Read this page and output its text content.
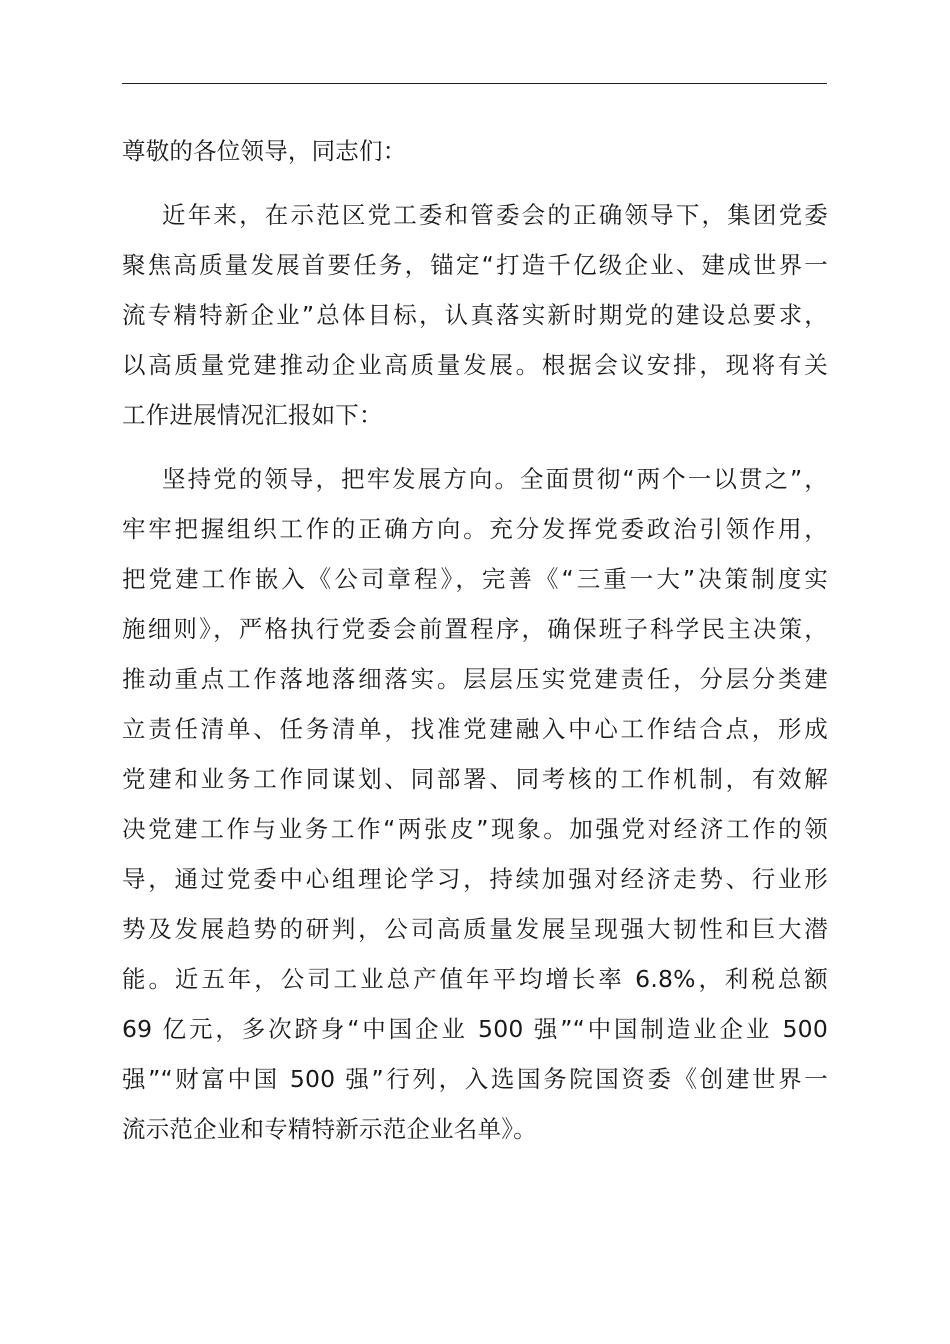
尊敬的各位领导，同志们：
近年来，在示范区党工委和管委会的正确领导下，集团党委
聚焦高质量发展首要任务，锚定“打造千亿级企业、建成世界一
流专精特新企业”总体目标，认真落实新时期党的建设总要求，
以高质量党建推动企业高质量发展。根据会议安排，现将有关
工作进展情况汇报如下：
坚持党的领导，把牢发展方向。全面贯彻“两个一以贯之”，
牢牢把握组织工作的正确方向。充分发挥党委政治引领作用，
把党建工作嵌入《公司章程》，完善《“三重一大”决策制度实
施细则》，严格执行党委会前置程序，确保班子科学民主决策，
推动重点工作落地落细落实。层层压实党建责任，分层分类建
立责任清单、任务清单，找准党建融入中心工作结合点，形成
党建和业务工作同谋划、同部署、同考核的工作机制，有效解
决党建工作与业务工作“两张皮”现象。加强党对经济工作的领
导，通过党委中心组理论学习，持续加强对经济走势、行业形
势及发展趋势的研判，公司高质量发展呈现强大韧性和巨大潜
能。近五年，公司工业总产值年平均增长率 6.8%，利税总额
69 亿元，多次跻身“中国企业 500 强”“中国制造业企业 500
强”“财富中国 500 强”行列，入选国务院国资委《创建世界一
流示范企业和专精特新示范企业名单》。
